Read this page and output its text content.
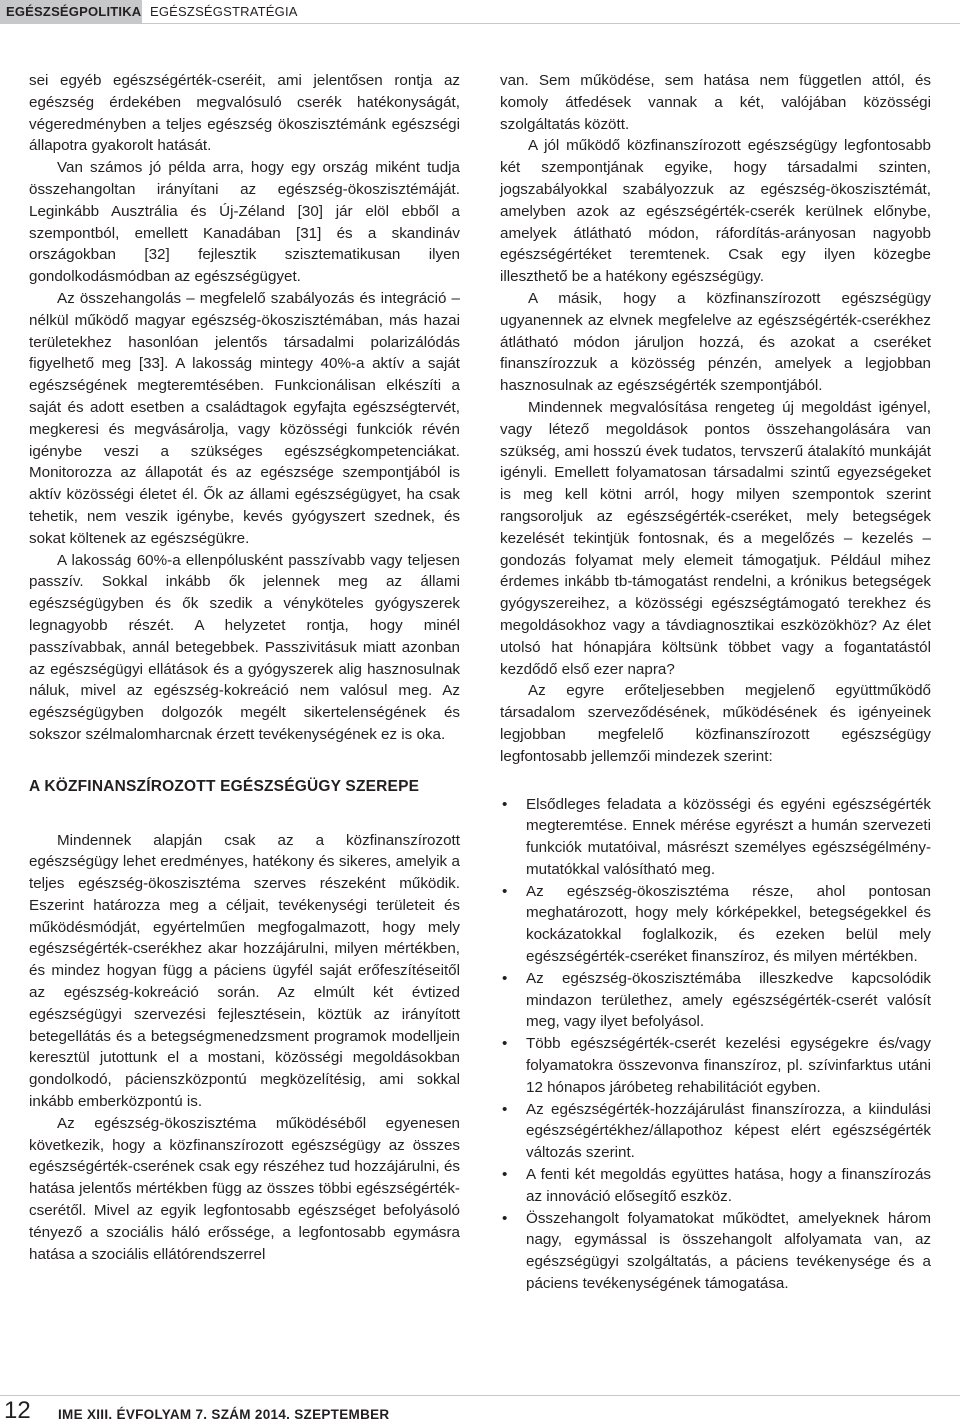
EGÉSZSÉGPOLITIKA EGÉSZSÉGSTRATÉGIA

sei egyéb egészségérték-cseréit, ami jelentősen rontja az egészség érdekében megvalósuló cserék hatékonyságát, végeredményben a teljes egészség ökoszisztémánk egészségi állapotra gyakorolt hatását.

Van számos jó példa arra, hogy egy ország miként tudja összehangoltan irányítani az egészség-ökoszisztémáját. Leginkább Ausztrália és Új-Zéland [30] jár elöl ebből a szempontból, emellett Kanadában [31] és a skandináv országokban [32] fejlesztik szisztematikusan ilyen gondolkodásmódban az egészségügyet.

Az összehangolás – megfelelő szabályozás és integráció – nélkül működő magyar egészség-ökoszisztémában, más hazai területekhez hasonlóan jelentős társadalmi polarizálódás figyelhető meg [33]. A lakosság mintegy 40%-a aktív a saját egészségének megteremtésében. Funkcionálisan elkészíti a saját és adott esetben a családtagok egyfajta egészségtervét, megkeresi és megvásárolja, vagy közösségi funkciók révén igénybe veszi a szükséges egészségkompetenciákat. Monitorozza az állapotát és az egészsége szempontjából is aktív közösségi életet él. Ők az állami egészségügyet, ha csak tehetik, nem veszik igénybe, kevés gyógyszert szednek, és sokat költenek az egészségükre.

A lakosság 60%-a ellenpólusként passzívabb vagy teljesen passzív. Sokkal inkább ők jelennek meg az állami egészségügyben és ők szedik a vényköteles gyógyszerek legnagyobb részét. A helyzetet rontja, hogy minél passzívabbak, annál betegebbek. Passzivitásuk miatt azonban az egészségügyi ellátások és a gyógyszerek alig hasznosulnak náluk, mivel az egészség-kokreáció nem valósul meg. Az egészségügyben dolgozók megélt sikertelenségének és sokszor szélmalomharcnak érzett tevékenységének ez is oka.

A KÖZFINANSZÍROZOTT EGÉSZSÉGÜGY SZEREPE

Mindennek alapján csak az a közfinanszírozott egészségügy lehet eredményes, hatékony és sikeres, amelyik a teljes egészség-ökoszisztéma szerves részeként működik. Eszerint határozza meg a céljait, tevékenységi területeit és működésmódját, egyértelműen megfogalmazott, hogy mely egészségérték-cserékhez akar hozzájárulni, milyen mértékben, és mindez hogyan függ a páciens ügyfél saját erőfeszítéseitől az egészség-kokreáció során. Az elmúlt két évtized egészségügyi szervezési fejlesztésein, köztük az irányított betegellátás és a betegségmenedzsment programok modelljein keresztül jutottunk el a mostani, közösségi megoldásokban gondolkodó, pácienszközpontú megközelítésig, ami sokkal inkább emberközpontú is.

Az egészség-ökoszisztéma működéséből egyenesen következik, hogy a közfinanszírozott egészségügy az összes egészségérték-cserének csak egy részéhez tud hozzájárulni, és hatása jelentős mértékben függ az összes többi egészségérték-cserétől. Mivel az egyik legfontosabb egészséget befolyásoló tényező a szociális háló erőssége, a legfontosabb egymásra hatása a szociális ellátórendszerrel

van. Sem működése, sem hatása nem független attól, és komoly átfedések vannak a két, valójában közösségi szolgáltatás között.

A jól működő közfinanszírozott egészségügy legfontosabb két szempontjának egyike, hogy társadalmi szinten, jogszabályokkal szabályozzuk az egészség-ökoszisztémát, amelyben azok az egészségérték-cserék kerülnek előnybe, amelyek átlátható módon, ráfordítás-arányosan nagyobb egészségértéket teremtenek. Csak egy ilyen közegbe illeszthető be a hatékony egészségügy.

A másik, hogy a közfinanszírozott egészségügy ugyanennek az elvnek megfelelve az egészségérték-cserékhez átlátható módon járuljon hozzá, és azokat a cseréket finanszírozzuk a közösség pénzén, amelyek a legjobban hasznosulnak az egészségérték szempontjából.

Mindennek megvalósítása rengeteg új megoldást igényel, vagy létező megoldások pontos összehangolására van szükség, ami hosszú évek tudatos, tervszerű átalakító munkáját igényli. Emellett folyamatosan társadalmi szintű egyezségeket is meg kell kötni arról, hogy milyen szempontok szerint rangsoroljuk az egészségérték-cseréket, mely betegségek kezelését tekintjük fontosnak, és a megelőzés – kezelés – gondozás folyamat mely elemeit támogatjuk. Például mihez érdemes inkább tb-támogatást rendelni, a krónikus betegségek gyógyszereihez, a közösségi egészségtámogató terekhez és megoldásokhoz vagy a távdiagnosztikai eszközökhöz? Az élet utolsó hat hónapjára költsünk többet vagy a fogantatástól kezdődő első ezer napra?

Az egyre erőteljesebben megjelenő együttműködő társadalom szerveződésének, működésének és igényeinek legjobban megfelelő közfinanszírozott egészségügy legfontosabb jellemzői mindezek szerint:

• Elsődleges feladata a közösségi és egyéni egészségérték megteremtése. Ennek mérése egyrészt a humán szervezeti funkciók mutatóival, másrészt személyes egészségélmény-mutatókkal valósítható meg.
• Az egészség-ökoszisztéma része, ahol pontosan meghatározott, hogy mely kórképekkel, betegségekkel és kockázatokkal foglalkozik, és ezeken belül mely egészségérték-cseréket finanszíroz, és milyen mértékben.
• Az egészség-ökoszisztémába illeszkedve kapcsolódik mindazon területhez, amely egészségérték-cserét valósít meg, vagy ilyet befolyásol.
• Több egészségérték-cserét kezelési egységekre és/vagy folyamatokra összevonva finanszíroz, pl. szívinfarktus utáni 12 hónapos járóbeteg rehabilitációt egyben.
• Az egészségérték-hozzájárulást finanszírozza, a kiindulási egészségértékhez/állapothoz képest elért egészségérték változás szerint.
• A fenti két megoldás együttes hatása, hogy a finanszírozás az innováció elősegítő eszköz.
• Összehangolt folyamatokat működtet, amelyeknek három nagy, egymással is összehangolt alfolyamata van, az egészségügyi szolgáltatás, a páciens tevékenysége és a páciens tevékenységének támogatása.
12 IME XIII. ÉVFOLYAM 7. SZÁM 2014. SZEPTEMBER
